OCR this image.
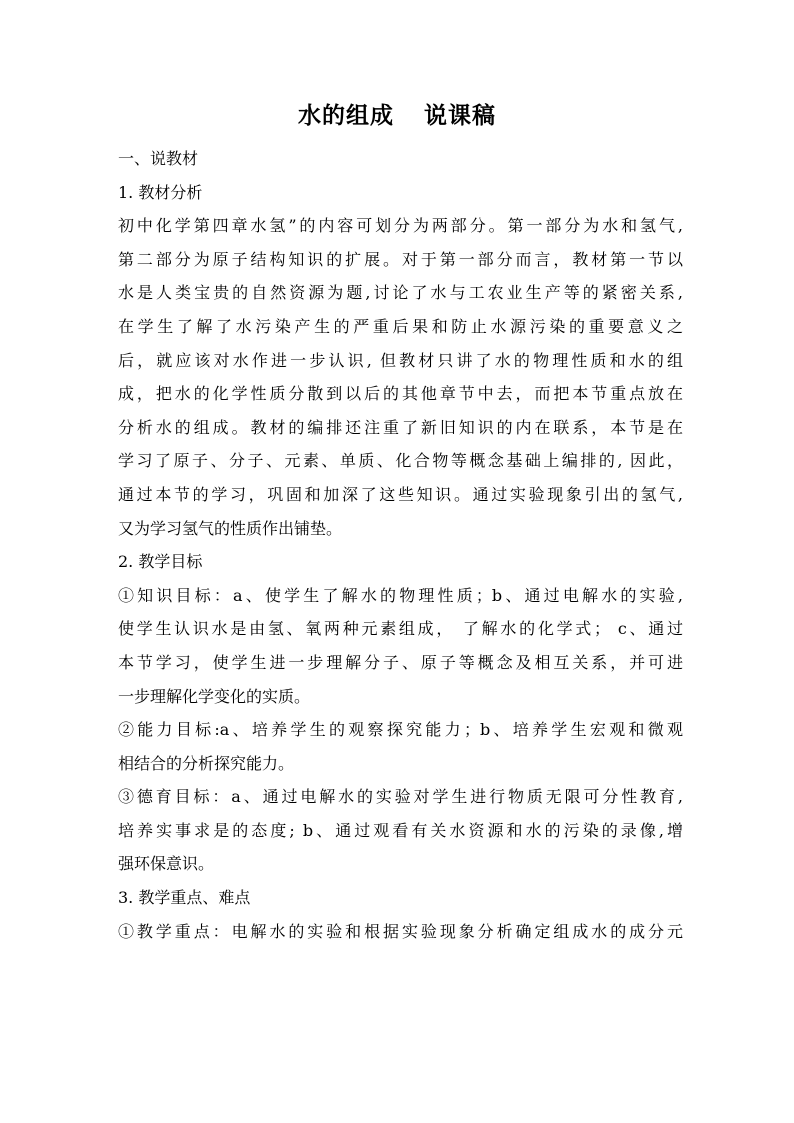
水的组成 说课稿
一、说教材
1. 教材分析
初中化学第四章水氢”的内容可划分为两部分。第一部分为水和氢气,
第二部分为原子结构知识的扩展。对于第一部分而言，教材第一节以
水是人类宝贵的自然资源为题,讨论了水与工农业生产等的紧密关系,
在学生了解了水污染产生的严重后果和防止水源污染的重要意义之
后，就应该对水作进一步认识, 但教材只讲了水的物理性质和水的组
成，把水的化学性质分散到以后的其他章节中去，而把本节重点放在
分析水的组成。教材的编排还注重了新旧知识的内在联系，本节是在
学习了原子、分子、元素、单质、化合物等概念基础上编排的, 因此，
通过本节的学习，巩固和加深了这些知识。通过实验现象引出的氢气,
又为学习氢气的性质作出铺垫。
2. 教学目标
①知识目标：a、使学生了解水的物理性质；b、通过电解水的实验,
使学生认识水是由氢、氧两种元素组成， 了解水的化学式； c、通过
本节学习，使学生进一步理解分子、原子等概念及相互关系，并可进
一步理解化学变化的实质。
②能力目标:a、培养学生的观察探究能力；b、培养学生宏观和微观
相结合的分析探究能力。
③德育目标：a、通过电解水的实验对学生进行物质无限可分性教育,
培养实事求是的态度; b、通过观看有关水资源和水的污染的录像,增
强环保意识。
3. 教学重点、难点
①教学重点：电解水的实验和根据实验现象分析确定组成水的成分元
